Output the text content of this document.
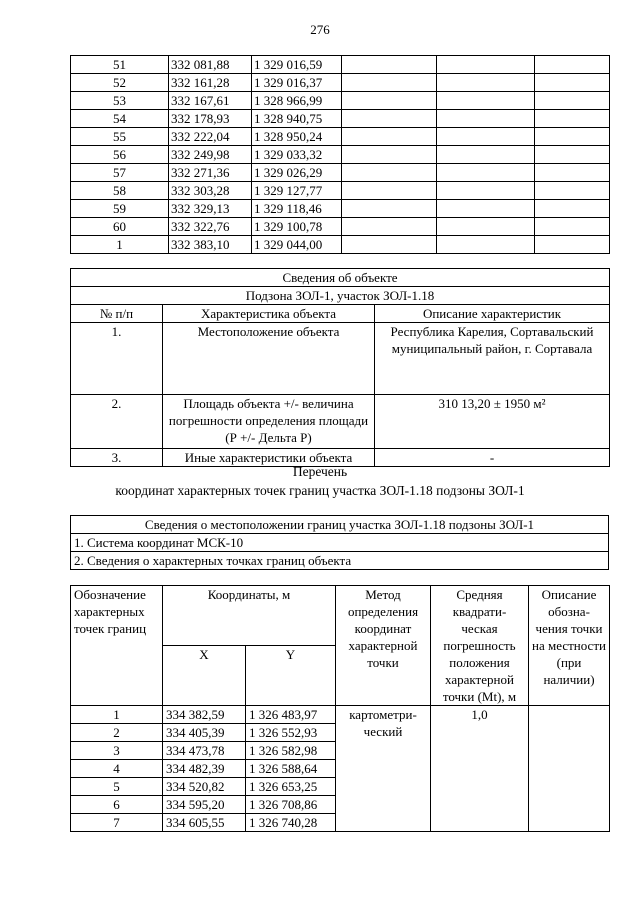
276
51	332 081,88	1 329 016,59			
52	332 161,28	1 329 016,37			
53	332 167,61	1 328 966,99			
54	332 178,93	1 328 940,75			
55	332 222,04	1 328 950,24			
56	332 249,98	1 329 033,32			
57	332 271,36	1 329 026,29			
58	332 303,28	1 329 127,77			
59	332 329,13	1 329 118,46			
60	332 322,76	1 329 100,78			
1	332 383,10	1 329 044,00			
Сведения об объекте		
Подзона ЗОЛ-1, участок ЗОЛ-1.18		
№ п/п	Характеристика объекта	Описание характеристик
1.	Местоположение объекта	Республика Карелия, Сортавальский муниципальный район, г. Сортавала
2.	Площадь объекта +/- величина погрешности определения площади (Р +/- Дельта Р)	310 13,20 ± 1950 м²
3.	Иные характеристики объекта	-
Перечень
координат характерных точек границ участка ЗОЛ-1.18 подзоны ЗОЛ-1
Сведения о местоположении границ участка ЗОЛ-1.18 подзоны ЗОЛ-1
1. Система координат МСК-10
2. Сведения о характерных точках границ объекта
Обозначение характерных точек границ	Координаты, м		Метод определения координат характерной точки	Средняя квадрати- ческая погрешность положения характерной точки (Mt), м	Описание обозна- чения точки на местности (при наличии)
	X	Y			
1	334 382,59	1 326 483,97	картометри- ческий	1,0	
2	334 405,39	1 326 552,93			
3	334 473,78	1 326 582,98			
4	334 482,39	1 326 588,64			
5	334 520,82	1 326 653,25			
6	334 595,20	1 326 708,86			
7	334 605,55	1 326 740,28			
